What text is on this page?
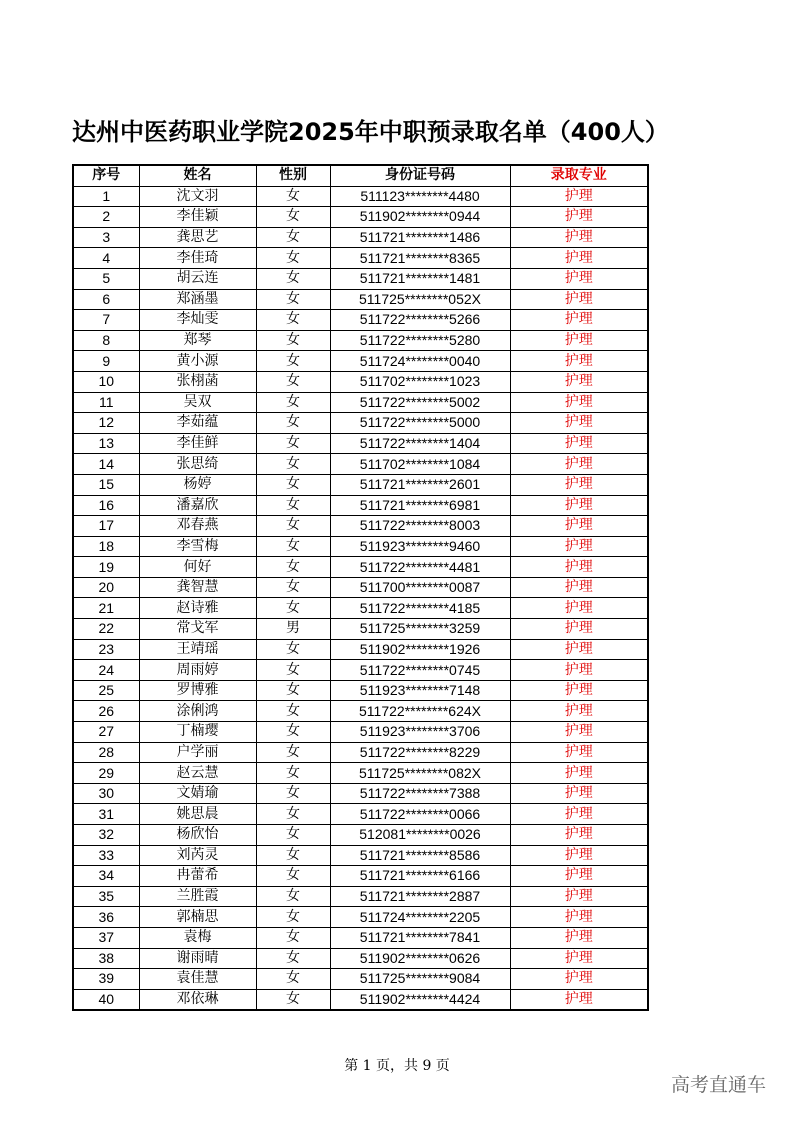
达州中医药职业学院2025年中职预录取名单（400人）
序号	姓名	性别	身份证号码	录取专业
1	沈文羽	女	511123********4480	护理
2	李佳颖	女	511902********0944	护理
3	龚思艺	女	511721********1486	护理
4	李佳琦	女	511721********8365	护理
5	胡云连	女	511721********1481	护理
6	郑涵墨	女	511725********052X	护理
7	李灿雯	女	511722********5266	护理
8	郑琴	女	511722********5280	护理
9	黄小源	女	511724********0040	护理
10	张栩菡	女	511702********1023	护理
11	吴双	女	511722********5002	护理
12	李茹蕴	女	511722********5000	护理
13	李佳鲜	女	511722********1404	护理
14	张思绮	女	511702********1084	护理
15	杨婷	女	511721********2601	护理
16	潘嘉欣	女	511721********6981	护理
17	邓春燕	女	511722********8003	护理
18	李雪梅	女	511923********9460	护理
19	何好	女	511722********4481	护理
20	龚智慧	女	511700********0087	护理
21	赵诗雅	女	511722********4185	护理
22	常戈军	男	511725********3259	护理
23	王靖瑶	女	511902********1926	护理
24	周雨婷	女	511722********0745	护理
25	罗博雅	女	511923********7148	护理
26	涂俐鸿	女	511722********624X	护理
27	丁楠璎	女	511923********3706	护理
28	户学丽	女	511722********8229	护理
29	赵云慧	女	511725********082X	护理
30	文婧瑜	女	511722********7388	护理
31	姚思晨	女	511722********0066	护理
32	杨欣怡	女	512081********0026	护理
33	刘芮灵	女	511721********8586	护理
34	冉蕾希	女	511721********6166	护理
35	兰胜霞	女	511721********2887	护理
36	郭楠思	女	511724********2205	护理
37	袁梅	女	511721********7841	护理
38	谢雨晴	女	511902********0626	护理
39	袁佳慧	女	511725********9084	护理
40	邓依琳	女	511902********4424	护理
第 1 页，共 9 页
高考直通车
